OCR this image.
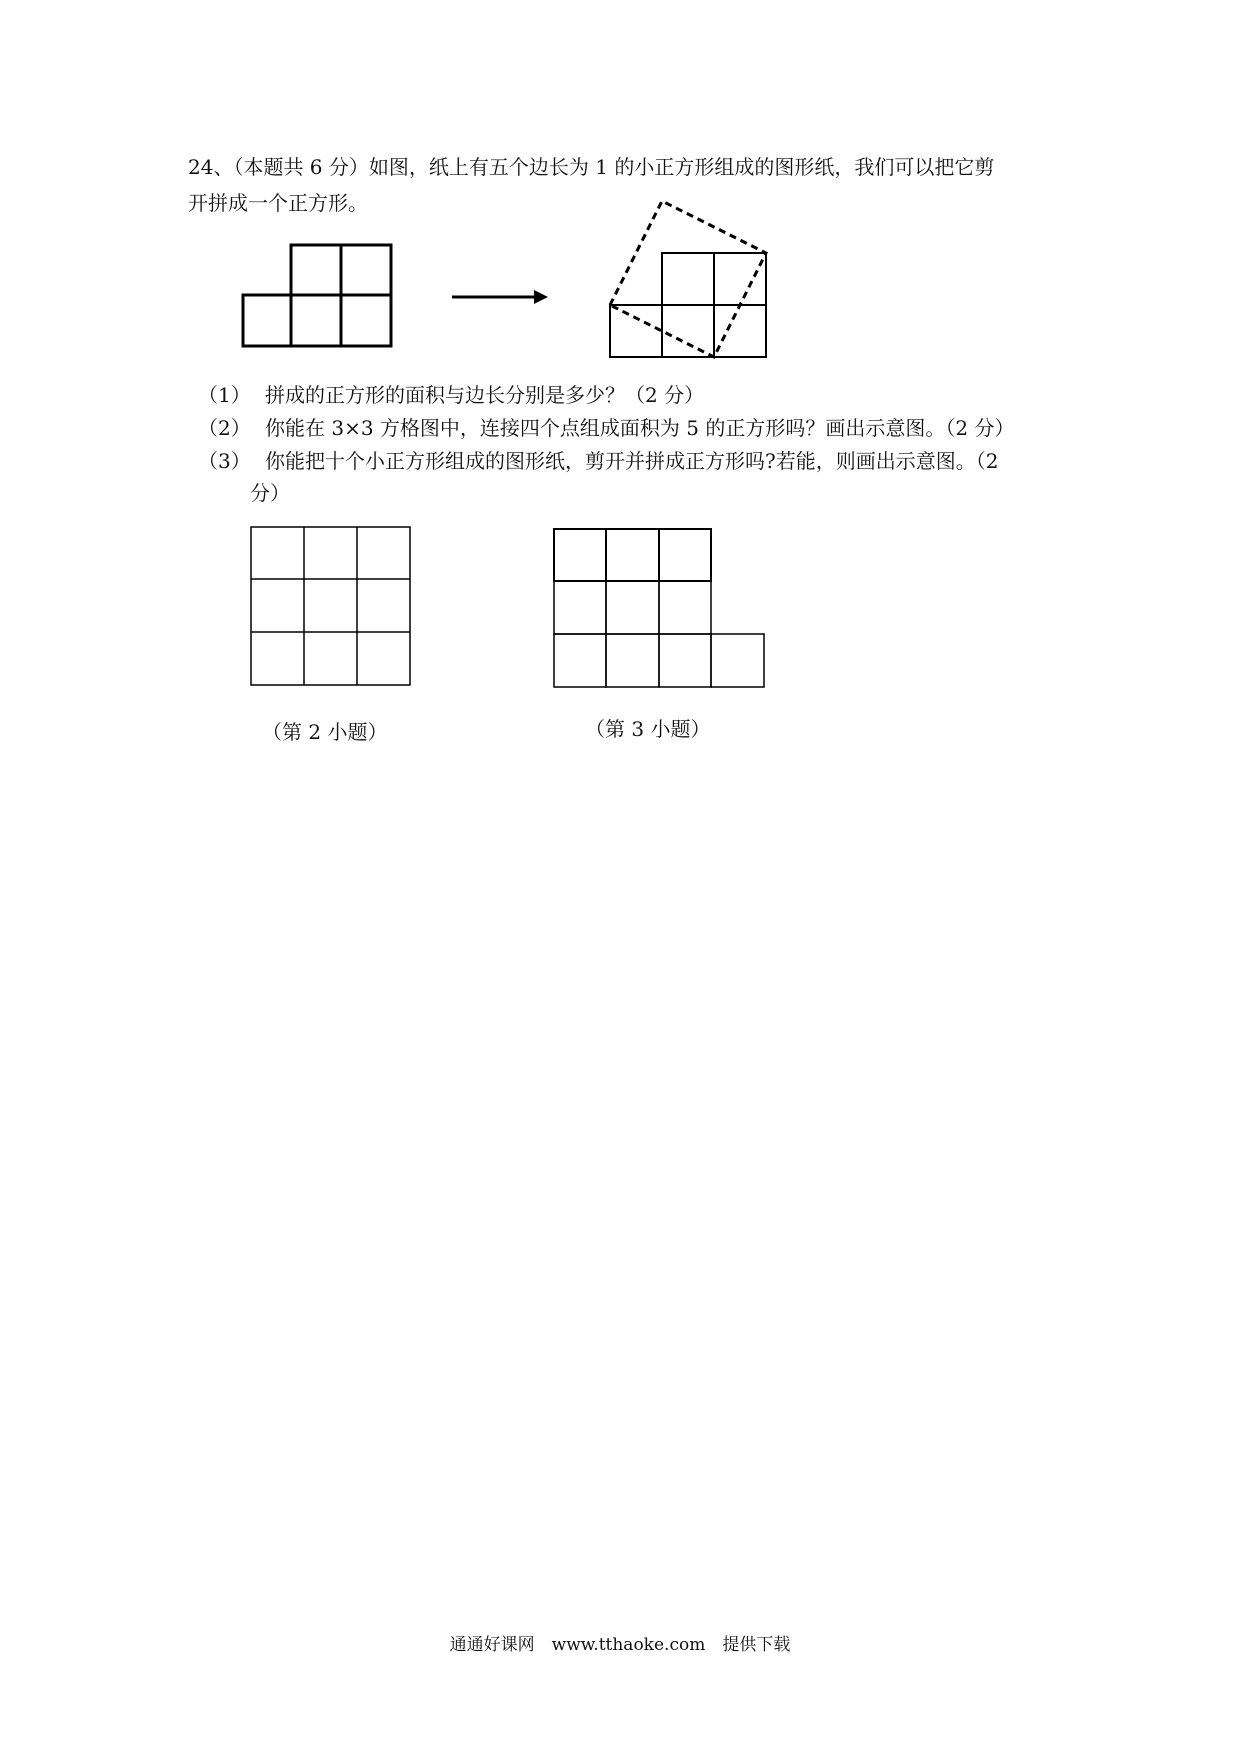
24、（本题共 6 分）如图，纸上有五个边长为 1 的小正方形组成的图形纸，我们可以把它剪
开拼成一个正方形。
（1） 拼成的正方形的面积与边长分别是多少？（2 分）
（2） 你能在 3×3 方格图中，连接四个点组成面积为 5 的正方形吗？画出示意图。（2 分）
（3） 你能把十个小正方形组成的图形纸，剪开并拼成正方形吗?若能，则画出示意图。（2
分）
（第 2 小题）	（第 3 小题）
通通好课网　www.tthaoke.com　提供下载
